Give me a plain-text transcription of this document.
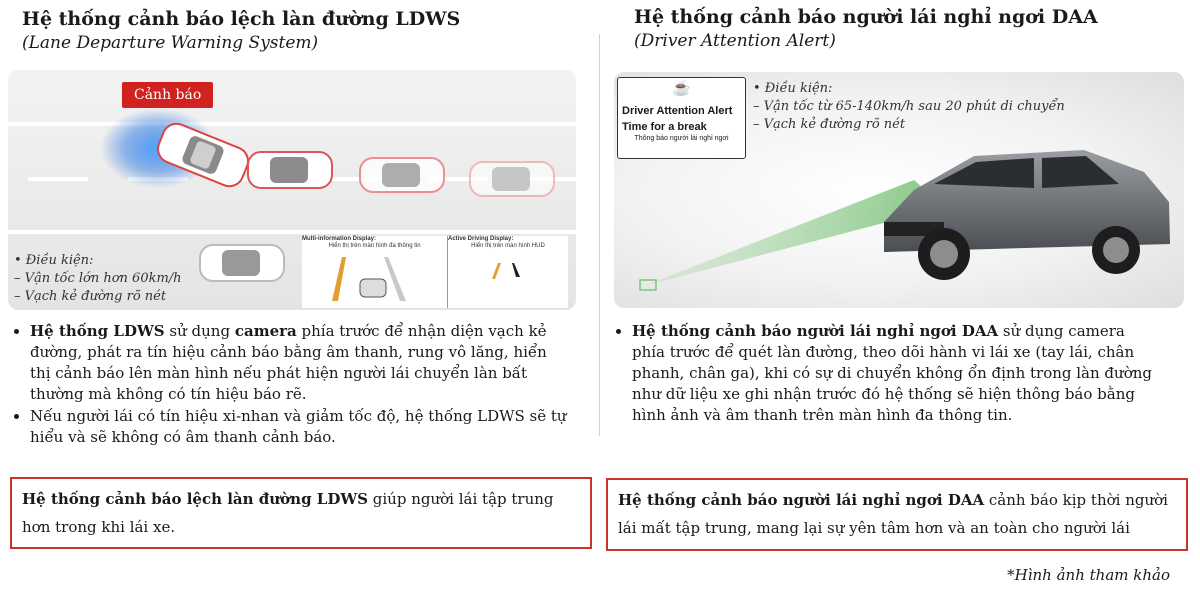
Hệ thống cảnh báo lệch làn đường LDWS
(Lane Departure Warning System)
Cảnh báo
• Điều kiện:
– Vận tốc lớn hơn 60km/h
– Vạch kẻ đường rõ nét
Multi-information Display:
Hiển thị trên màn hình đa thông tin
Active Driving Display:
Hiển thị trên màn hình HUD
• Hệ thống LDWS sử dụng camera phía trước để nhận diện vạch kẻ đường, phát ra tín hiệu cảnh báo bằng âm thanh, rung vô lăng, hiển thị cảnh báo lên màn hình nếu phát hiện người lái chuyển làn bất thường mà không có tín hiệu báo rẽ.
• Nếu người lái có tín hiệu xi-nhan và giảm tốc độ, hệ thống LDWS sẽ tự hiểu và sẽ không có âm thanh cảnh báo.
Hệ thống cảnh báo lệch làn đường LDWS giúp người lái tập trung hơn trong khi lái xe.
Hệ thống cảnh báo người lái nghỉ ngơi DAA
(Driver Attention Alert)
☕
Driver Attention Alert
Time for a break
Thông báo người lái nghỉ ngơi
• Điều kiện:
– Vận tốc từ 65-140km/h sau 20 phút di chuyển
– Vạch kẻ đường rõ nét
• Hệ thống cảnh báo người lái nghỉ ngơi DAA sử dụng camera phía trước để quét làn đường, theo dõi hành vi lái xe (tay lái, chân phanh, chân ga), khi có sự di chuyển không ổn định trong làn đường như dữ liệu xe ghi nhận trước đó hệ thống sẽ hiện thông báo bằng hình ảnh và âm thanh trên màn hình đa thông tin.
Hệ thống cảnh báo người lái nghỉ ngơi DAA cảnh báo kịp thời người lái mất tập trung, mang lại sự yên tâm hơn và an toàn cho người lái
*Hình ảnh tham khảo
